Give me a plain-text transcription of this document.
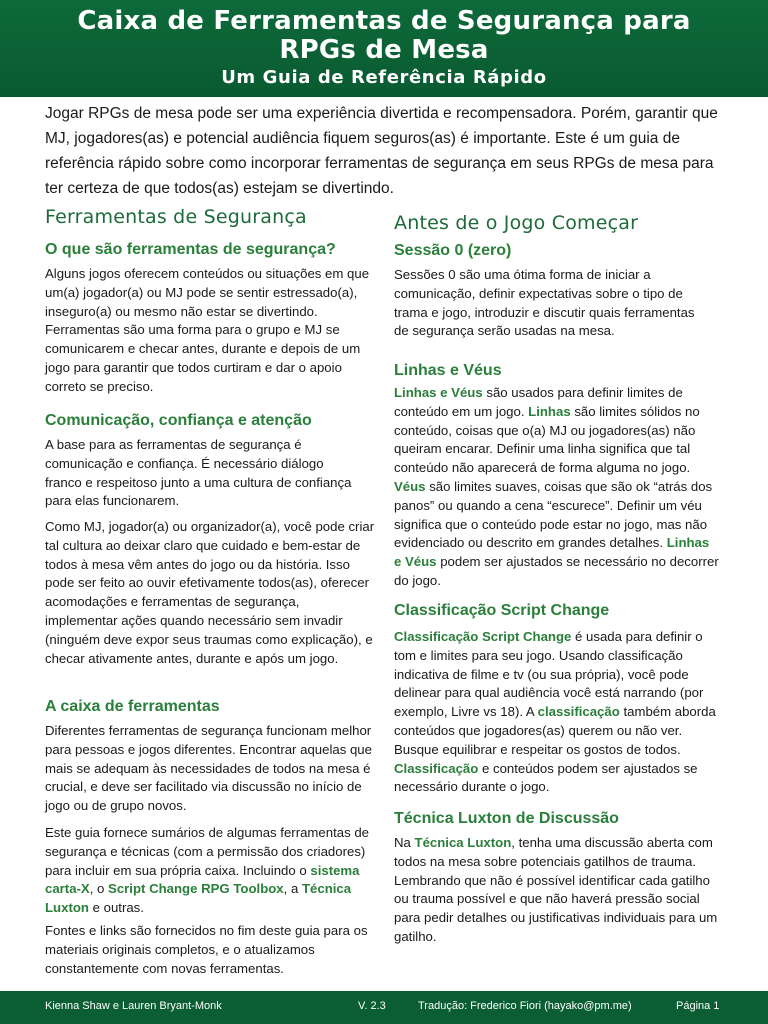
Caixa de Ferramentas de Segurança para
RPGs de Mesa
Um Guia de Referência Rápido

Jogar RPGs de mesa pode ser uma experiência divertida e recompensadora. Porém, garantir que MJ, jogadores(as) e potencial audiência fiquem seguros(as) é importante. Este é um guia de referência rápido sobre como incorporar ferramentas de segurança em seus RPGs de mesa para ter certeza de que todos(as) estejam se divertindo.

Ferramentas de Segurança
O que são ferramentas de segurança?

Alguns jogos oferecem conteúdos ou situações em que um(a) jogador(a) ou MJ pode se sentir estressado(a), inseguro(a) ou mesmo não estar se divertindo. Ferramentas são uma forma para o grupo e MJ se comunicarem e checar antes, durante e depois de um jogo para garantir que todos curtiram e dar o apoio correto se preciso.

Comunicação, confiança e atenção

A base para as ferramentas de segurança é comunicação e confiança. É necessário diálogo franco e respeitoso junto a uma cultura de confiança para elas funcionarem.

Como MJ, jogador(a) ou organizador(a), você pode criar tal cultura ao deixar claro que cuidado e bem-estar de todos à mesa vêm antes do jogo ou da história. Isso pode ser feito ao ouvir efetivamente todos(as), oferecer acomodações e ferramentas de segurança, implementar ações quando necessário sem invadir (ninguém deve expor seus traumas como explicação), e checar ativamente antes, durante e após um jogo.

A caixa de ferramentas

Diferentes ferramentas de segurança funcionam melhor para pessoas e jogos diferentes. Encontrar aquelas que mais se adequam às necessidades de todos na mesa é crucial, e deve ser facilitado via discussão no início de jogo ou de grupo novos.

Este guia fornece sumários de algumas ferramentas de segurança e técnicas (com a permissão dos criadores) para incluir em sua própria caixa. Incluindo o sistema carta-X, o Script Change RPG Toolbox, a Técnica Luxton e outras.

Fontes e links são fornecidos no fim deste guia para os materiais originais completos, e o atualizamos constantemente com novas ferramentas.

Antes de o Jogo Começar
Sessão 0 (zero)

Sessões 0 são uma ótima forma de iniciar a comunicação, definir expectativas sobre o tipo de trama e jogo, introduzir e discutir quais ferramentas de segurança serão usadas na mesa.

Linhas e Véus

Linhas e Véus são usados para definir limites de conteúdo em um jogo. Linhas são limites sólidos no conteúdo, coisas que o(a) MJ ou jogadores(as) não queiram encarar. Definir uma linha significa que tal conteúdo não aparecerá de forma alguma no jogo. Véus são limites suaves, coisas que são ok “atrás dos panos” ou quando a cena “escurece”. Definir um véu significa que o conteúdo pode estar no jogo, mas não evidenciado ou descrito em grandes detalhes. Linhas e Véus podem ser ajustados se necessário no decorrer do jogo.

Classificação Script Change

Classificação Script Change é usada para definir o tom e limites para seu jogo. Usando classificação indicativa de filme e tv (ou sua própria), você pode delinear para qual audiência você está narrando (por exemplo, Livre vs 18). A classificação também aborda conteúdos que jogadores(as) querem ou não ver. Busque equilibrar e respeitar os gostos de todos. Classificação e conteúdos podem ser ajustados se necessário durante o jogo.

Técnica Luxton de Discussão

Na Técnica Luxton, tenha uma discussão aberta com todos na mesa sobre potenciais gatilhos de trauma. Lembrando que não é possível identificar cada gatilho ou trauma possível e que não haverá pressão social para pedir detalhes ou justificativas individuais para um gatilho.

Kienna Shaw e Lauren Bryant-Monk	V. 2.3	Tradução: Frederico Fiori (hayako@pm.me)	Página 1
